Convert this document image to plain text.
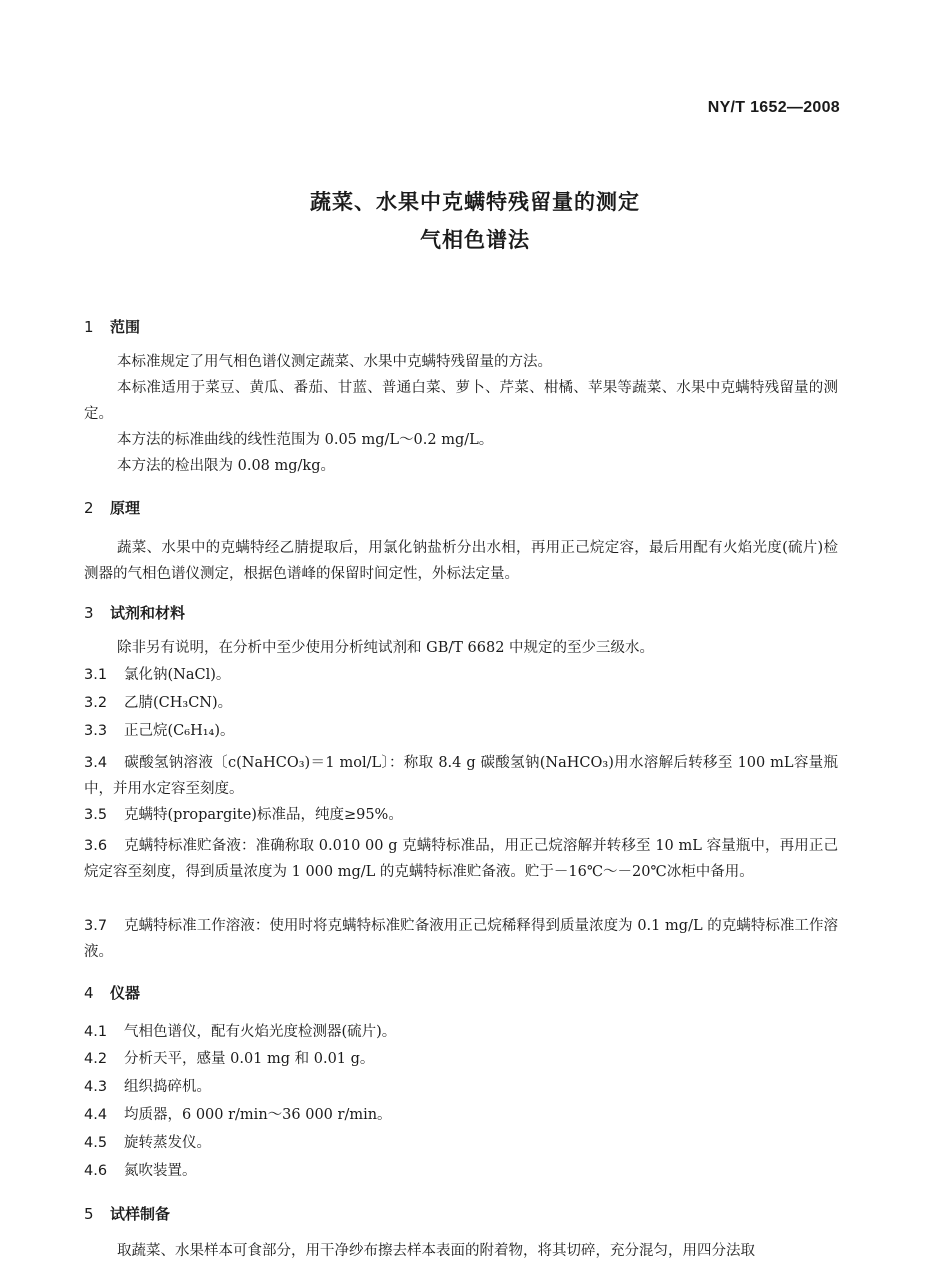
NY/T 1652—2008
蔬菜、水果中克螨特残留量的测定
气相色谱法
1 范围
本标准规定了用气相色谱仪测定蔬菜、水果中克螨特残留量的方法。
本标准适用于菜豆、黄瓜、番茄、甘蓝、普通白菜、萝卜、芹菜、柑橘、苹果等蔬菜、水果中克螨特残留量的测定。
本方法的标准曲线的线性范围为 0.05 mg/L～0.2 mg/L。
本方法的检出限为 0.08 mg/kg。
2 原理
蔬菜、水果中的克螨特经乙腈提取后，用氯化钠盐析分出水相，再用正己烷定容，最后用配有火焰光度(硫片)检测器的气相色谱仪测定，根据色谱峰的保留时间定性，外标法定量。
3 试剂和材料
除非另有说明，在分析中至少使用分析纯试剂和 GB/T 6682 中规定的至少三级水。
3.1 氯化钠(NaCl)。
3.2 乙腈(CH₃CN)。
3.3 正己烷(C₆H₁₄)。
3.4 碳酸氢钠溶液〔c(NaHCO₃)＝1 mol/L〕：称取 8.4 g 碳酸氢钠(NaHCO₃)用水溶解后转移至 100 mL容量瓶中，并用水定容至刻度。
3.5 克螨特(propargite)标准品，纯度≥95%。
3.6 克螨特标准贮备液：准确称取 0.010 00 g 克螨特标准品，用正己烷溶解并转移至 10 mL 容量瓶中，再用正己烷定容至刻度，得到质量浓度为 1 000 mg/L 的克螨特标准贮备液。贮于－16℃～－20℃冰柜中备用。
3.7 克螨特标准工作溶液：使用时将克螨特标准贮备液用正己烷稀释得到质量浓度为 0.1 mg/L 的克螨特标准工作溶液。
4 仪器
4.1 气相色谱仪，配有火焰光度检测器(硫片)。
4.2 分析天平，感量 0.01 mg 和 0.01 g。
4.3 组织捣碎机。
4.4 均质器，6 000 r/min～36 000 r/min。
4.5 旋转蒸发仪。
4.6 氮吹装置。
5 试样制备
取蔬菜、水果样本可食部分，用干净纱布擦去样本表面的附着物，将其切碎，充分混匀，用四分法取
